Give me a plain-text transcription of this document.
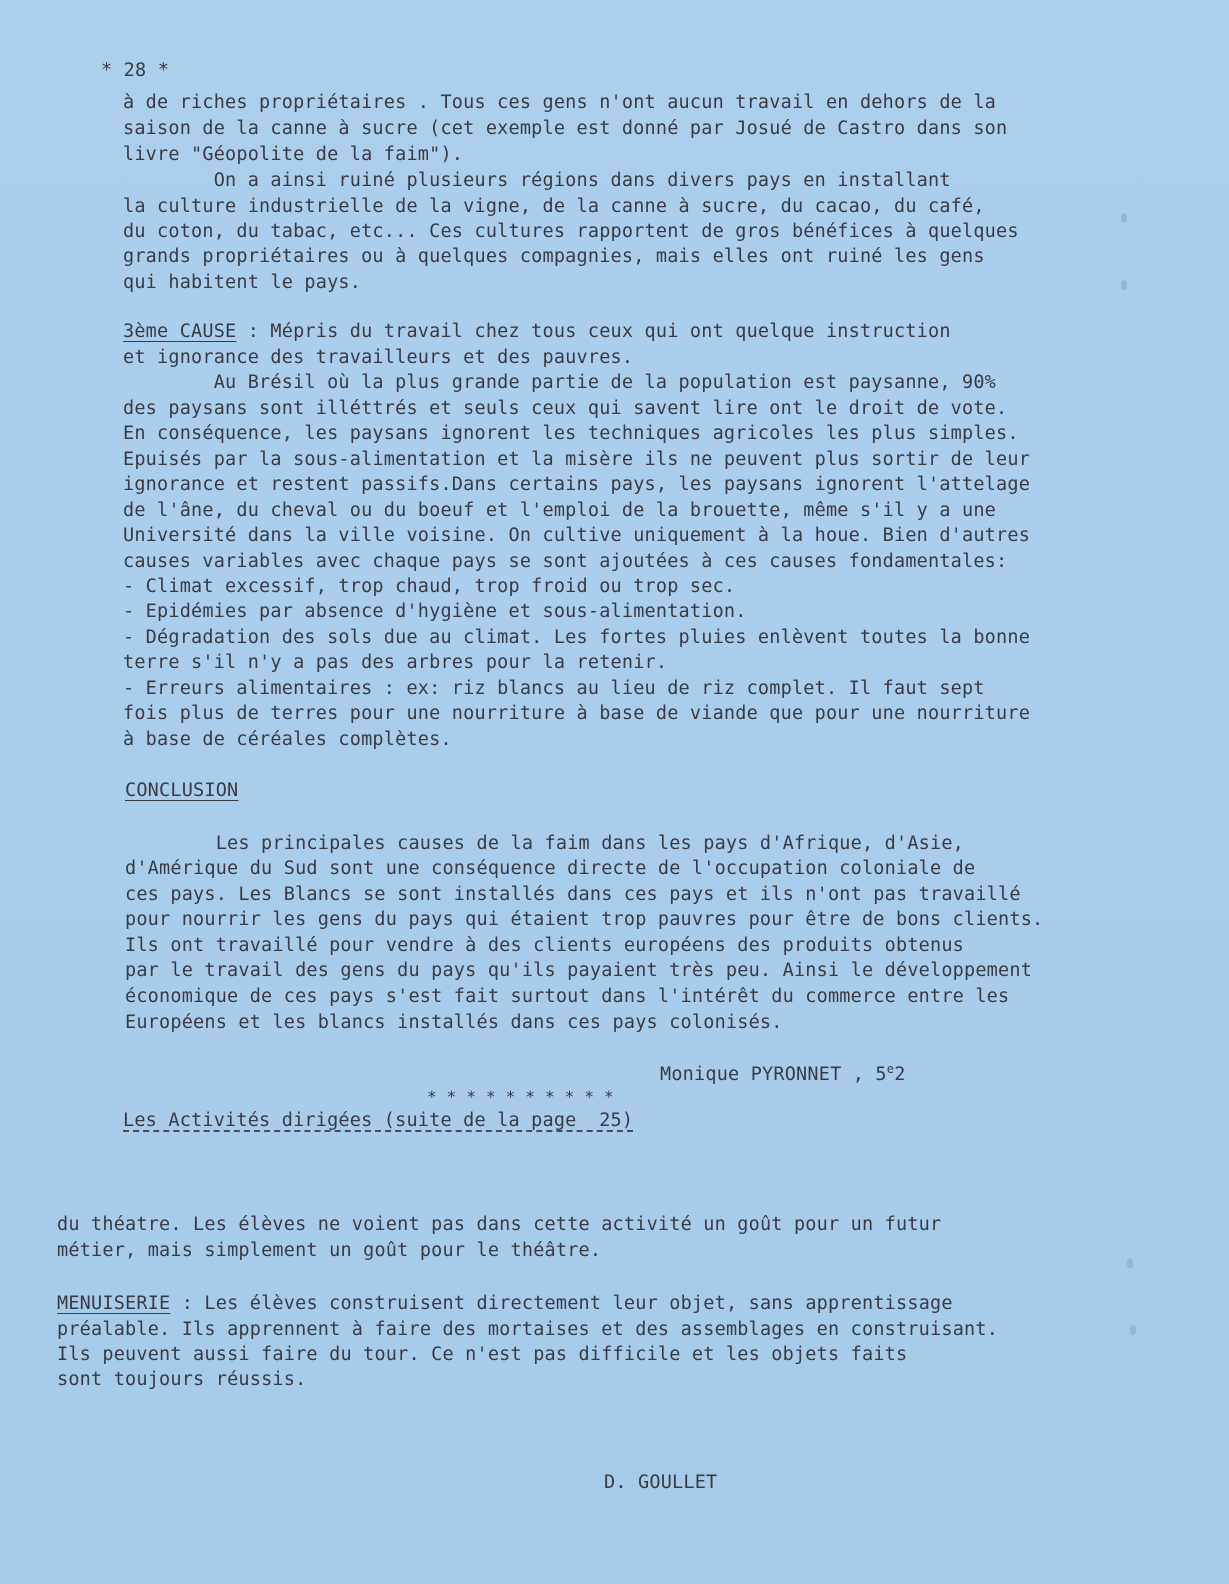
* 28 *
à de riches propriétaires . Tous ces gens n'ont aucun travail en dehors de la
saison de la canne à sucre (cet exemple est donné par Josué de Castro dans son
livre "Géopolite de la faim").
On a ainsi ruiné plusieurs régions dans divers pays en installant
la culture industrielle de la vigne, de la canne à sucre, du cacao, du café,
du coton, du tabac, etc... Ces cultures rapportent de gros bénéfices à quelques
grands propriétaires ou à quelques compagnies, mais elles ont ruiné les gens
qui habitent le pays.
3ème CAUSE : Mépris du travail chez tous ceux qui ont quelque instruction
et ignorance des travailleurs et des pauvres.
Au Brésil où la plus grande partie de la population est paysanne, 90%
des paysans sont illéttrés et seuls ceux qui savent lire ont le droit de vote.
En conséquence, les paysans ignorent les techniques agricoles les plus simples.
Epuisés par la sous-alimentation et la misère ils ne peuvent plus sortir de leur
ignorance et restent passifs.Dans certains pays, les paysans ignorent l'attelage
de l'âne, du cheval ou du boeuf et l'emploi de la brouette, même s'il y a une
Université dans la ville voisine. On cultive uniquement à la houe. Bien d'autres
causes variables avec chaque pays se sont ajoutées à ces causes fondamentales:
- Climat excessif, trop chaud, trop froid ou trop sec.
- Epidémies par absence d'hygiène et sous-alimentation.
- Dégradation des sols due au climat. Les fortes pluies enlèvent toutes la bonne
terre s'il n'y a pas des arbres pour la retenir.
- Erreurs alimentaires : ex: riz blancs au lieu de riz complet. Il faut sept
fois plus de terres pour une nourriture à base de viande que pour une nourriture
à base de céréales complètes.
CONCLUSION
Les principales causes de la faim dans les pays d'Afrique, d'Asie,
d'Amérique du Sud sont une conséquence directe de l'occupation coloniale de
ces pays. Les Blancs se sont installés dans ces pays et ils n'ont pas travaillé
pour nourrir les gens du pays qui étaient trop pauvres pour être de bons clients.
Ils ont travaillé pour vendre à des clients européens des produits obtenus
par le travail des gens du pays qu'ils payaient très peu. Ainsi le développement
économique de ces pays s'est fait surtout dans l'intérêt du commerce entre les
Européens et les blancs installés dans ces pays colonisés.
Monique PYRONNET , 5e2
* * * * * * * * * *
Les Activités dirigées (suite de la page  25)
du théatre. Les élèves ne voient pas dans cette activité un goût pour un futur
métier, mais simplement un goût pour le théâtre.
MENUISERIE : Les élèves construisent directement leur objet, sans apprentissage
préalable. Ils apprennent à faire des mortaises et des assemblages en construisant.
Ils peuvent aussi faire du tour. Ce n'est pas difficile et les objets faits
sont toujours réussis.
D. GOULLET
